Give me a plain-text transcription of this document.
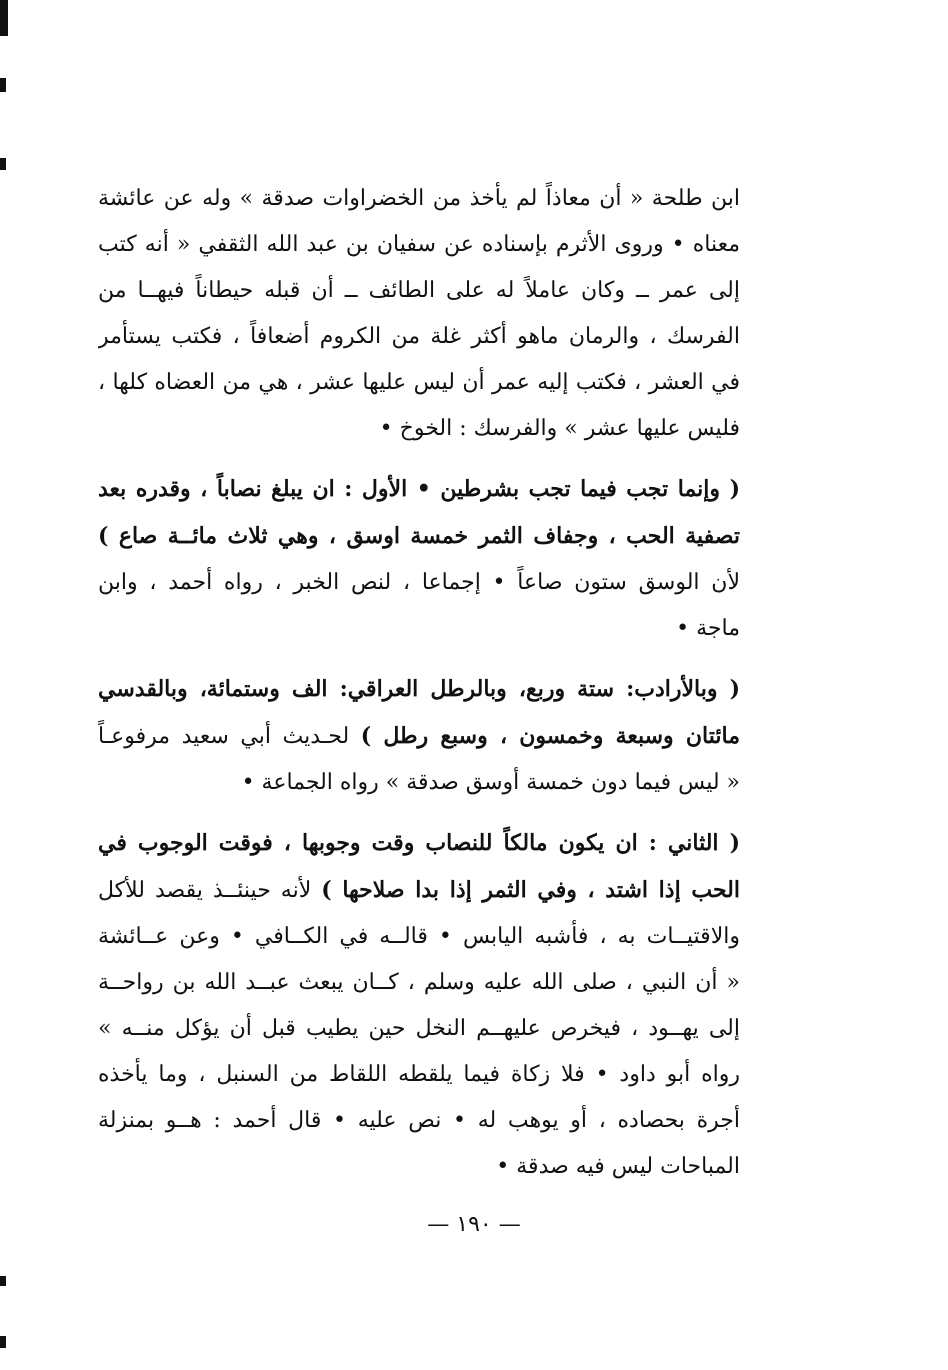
ابن طلحة « أن معاذاً لم يأخذ من الخضراوات صدقة » وله عن عائشة
معناه • وروى الأثرم بإسناده عن سفيان بن عبد الله الثقفي « أنه كتب
إلى عمر ــ وكان عاملاً له على الطائف ــ أن قبله حيطاناً فيهــا من
الفرسك ، والرمان ماهو أكثر غلة من الكروم أضعافاً ، فكتب يستأمر
في العشر ، فكتب إليه عمر أن ليس عليها عشر ، هي من العضاه كلها ،
فليس عليها عشر » والفرسك : الخوخ •
( وإنما تجب فيما تجب بشرطين • الأول : ان يبلغ نصاباً ، وقدره بعد
تصفية الحب ، وجفاف الثمر خمسة اوسق ، وهي ثلاث مائــة صاع )
لأن الوسق ستون صاعاً • إجماعا ، لنص الخبر ، رواه أحمد ، وابن
ماجة •
( وبالأرادب: ستة وربع، وبالرطل العراقي: الف وستمائة، وبالقدسي
مائتان وسبعة وخمسون ، وسبع رطل ) لحـديث أبي سعيد مرفوعـاً
« ليس فيما دون خمسة أوسق صدقة » رواه الجماعة •
( الثاني : ان يكون مالكاً للنصاب وقت وجوبها ، فوقت الوجوب في
الحب إذا اشتد ، وفي الثمر إذا بدا صلاحها ) لأنه حينئــذ يقصد للأكل
والاقتيــات به ، فأشبه اليابس • قالــه في الكــافي • وعن عــائشة
« أن النبي ، صلى الله عليه وسلم ، كــان يبعث عبــد الله بن رواحــة
إلى يهــود ، فيخرص عليهــم النخل حين يطيب قبل أن يؤكل منــه »
رواه أبو داود • فلا زكاة فيما يلقطه اللقاط من السنبل ، وما يأخذه
أجرة بحصاده ، أو يوهب له • نص عليه • قال أحمد : هــو بمنزلة
المباحات ليس فيه صدقة •
— ١٩٠ —
